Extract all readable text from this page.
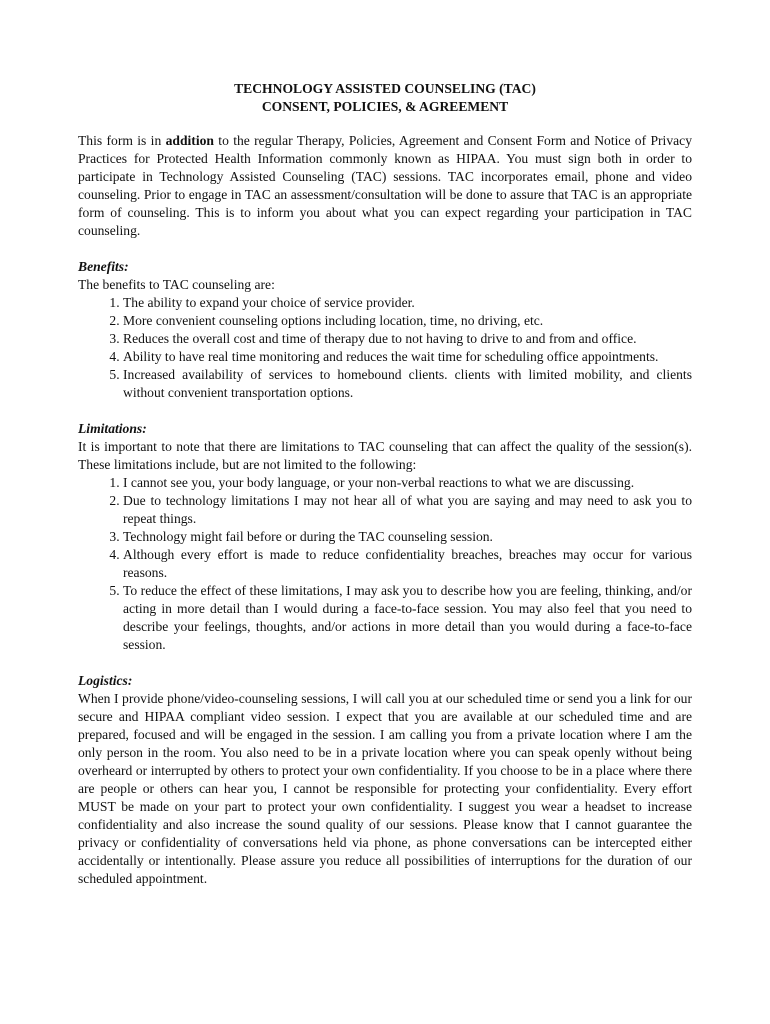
TECHNOLOGY ASSISTED COUNSELING (TAC)

CONSENT, POLICIES, & AGREEMENT

This form is in addition to the regular Therapy, Policies, Agreement and Consent Form and Notice of Privacy Practices for Protected Health Information commonly known as HIPAA. You must sign both in order to participate in Technology Assisted Counseling (TAC) sessions. TAC incorporates email, phone and video counseling. Prior to engage in TAC an assessment/consultation will be done to assure that TAC is an appropriate form of counseling. This is to inform you about what you can expect regarding your participation in TAC counseling.

Benefits:

The benefits to TAC counseling are:

1. The ability to expand your choice of service provider.
2. More convenient counseling options including location, time, no driving, etc.
3. Reduces the overall cost and time of therapy due to not having to drive to and from and office.
4. Ability to have real time monitoring and reduces the wait time for scheduling office appointments.
5. Increased availability of services to homebound clients. clients with limited mobility, and clients without convenient transportation options.

Limitations:

It is important to note that there are limitations to TAC counseling that can affect the quality of the session(s). These limitations include, but are not limited to the following:

1. I cannot see you, your body language, or your non-verbal reactions to what we are discussing.
2. Due to technology limitations I may not hear all of what you are saying and may need to ask you to repeat things.
3. Technology might fail before or during the TAC counseling session.
4. Although every effort is made to reduce confidentiality breaches, breaches may occur for various reasons.
5. To reduce the effect of these limitations, I may ask you to describe how you are feeling, thinking, and/or acting in more detail than I would during a face-to-face session. You may also feel that you need to describe your feelings, thoughts, and/or actions in more detail than you would during a face-to-face session.

Logistics:

When I provide phone/video-counseling sessions, I will call you at our scheduled time or send you a link for our secure and HIPAA compliant video session. I expect that you are available at our scheduled time and are prepared, focused and will be engaged in the session. I am calling you from a private location where I am the only person in the room. You also need to be in a private location where you can speak openly without being overheard or interrupted by others to protect your own confidentiality. If you choose to be in a place where there are people or others can hear you, I cannot be responsible for protecting your confidentiality. Every effort MUST be made on your part to protect your own confidentiality. I suggest you wear a headset to increase confidentiality and also increase the sound quality of our sessions. Please know that I cannot guarantee the privacy or confidentiality of conversations held via phone, as phone conversations can be intercepted either accidentally or intentionally. Please assure you reduce all possibilities of interruptions for the duration of our scheduled appointment.
